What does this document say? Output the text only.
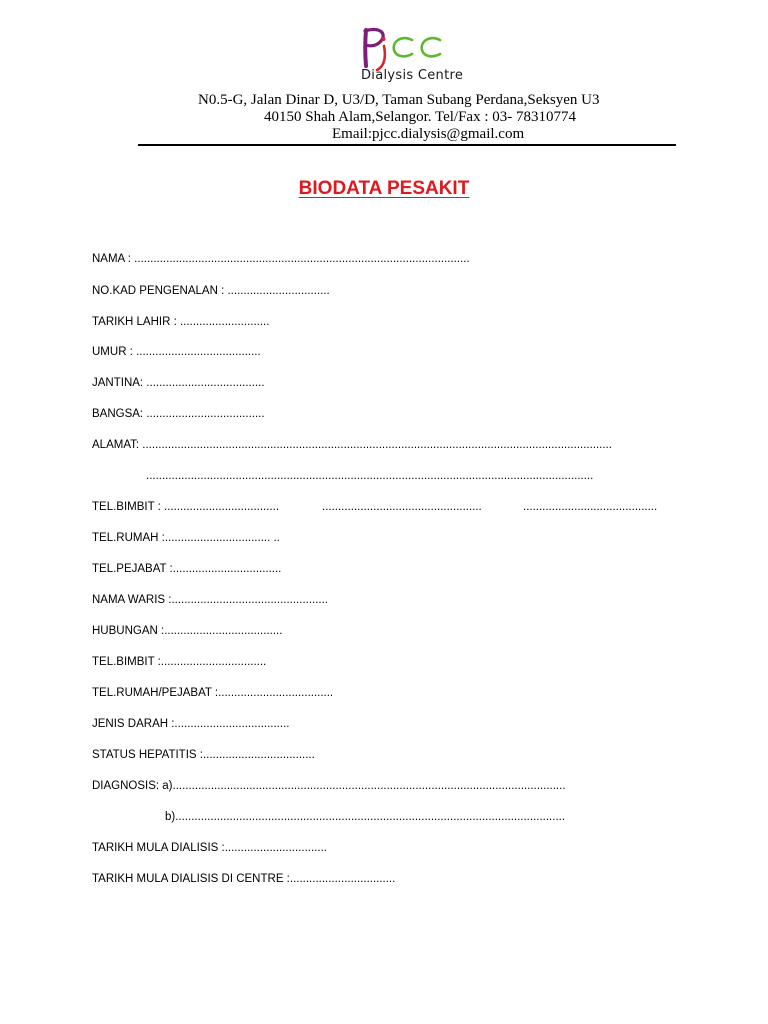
Dialysis Centre
N0.5-G, Jalan Dinar D, U3/D, Taman Subang Perdana,Seksyen U3
40150 Shah Alam,Selangor. Tel/Fax : 03- 78310774
Email:pjcc.dialysis@gmail.com
BIODATA PESAKIT
NAMA : .........................................................................................................
NO.KAD PENGENALAN : ................................
TARIKH LAHIR : ............................
UMUR : .......................................
JANTINA: .....................................
BANGSA: .....................................
ALAMAT: ...................................................................................................................................................
............................................................................................................................................
TEL.BIMBIT : ....................................	..................................................	..........................................
TEL.RUMAH :................................. ..
TEL.PEJABAT :..................................
NAMA WARIS :.................................................
HUBUNGAN :.....................................
TEL.BIMBIT :.................................
TEL.RUMAH/PEJABAT :....................................
JENIS DARAH :....................................
STATUS HEPATITIS :...................................
DIAGNOSIS: a)...........................................................................................................................
b)..........................................................................................................................
TARIKH MULA DIALISIS :................................
TARIKH MULA DIALISIS DI CENTRE :.................................
